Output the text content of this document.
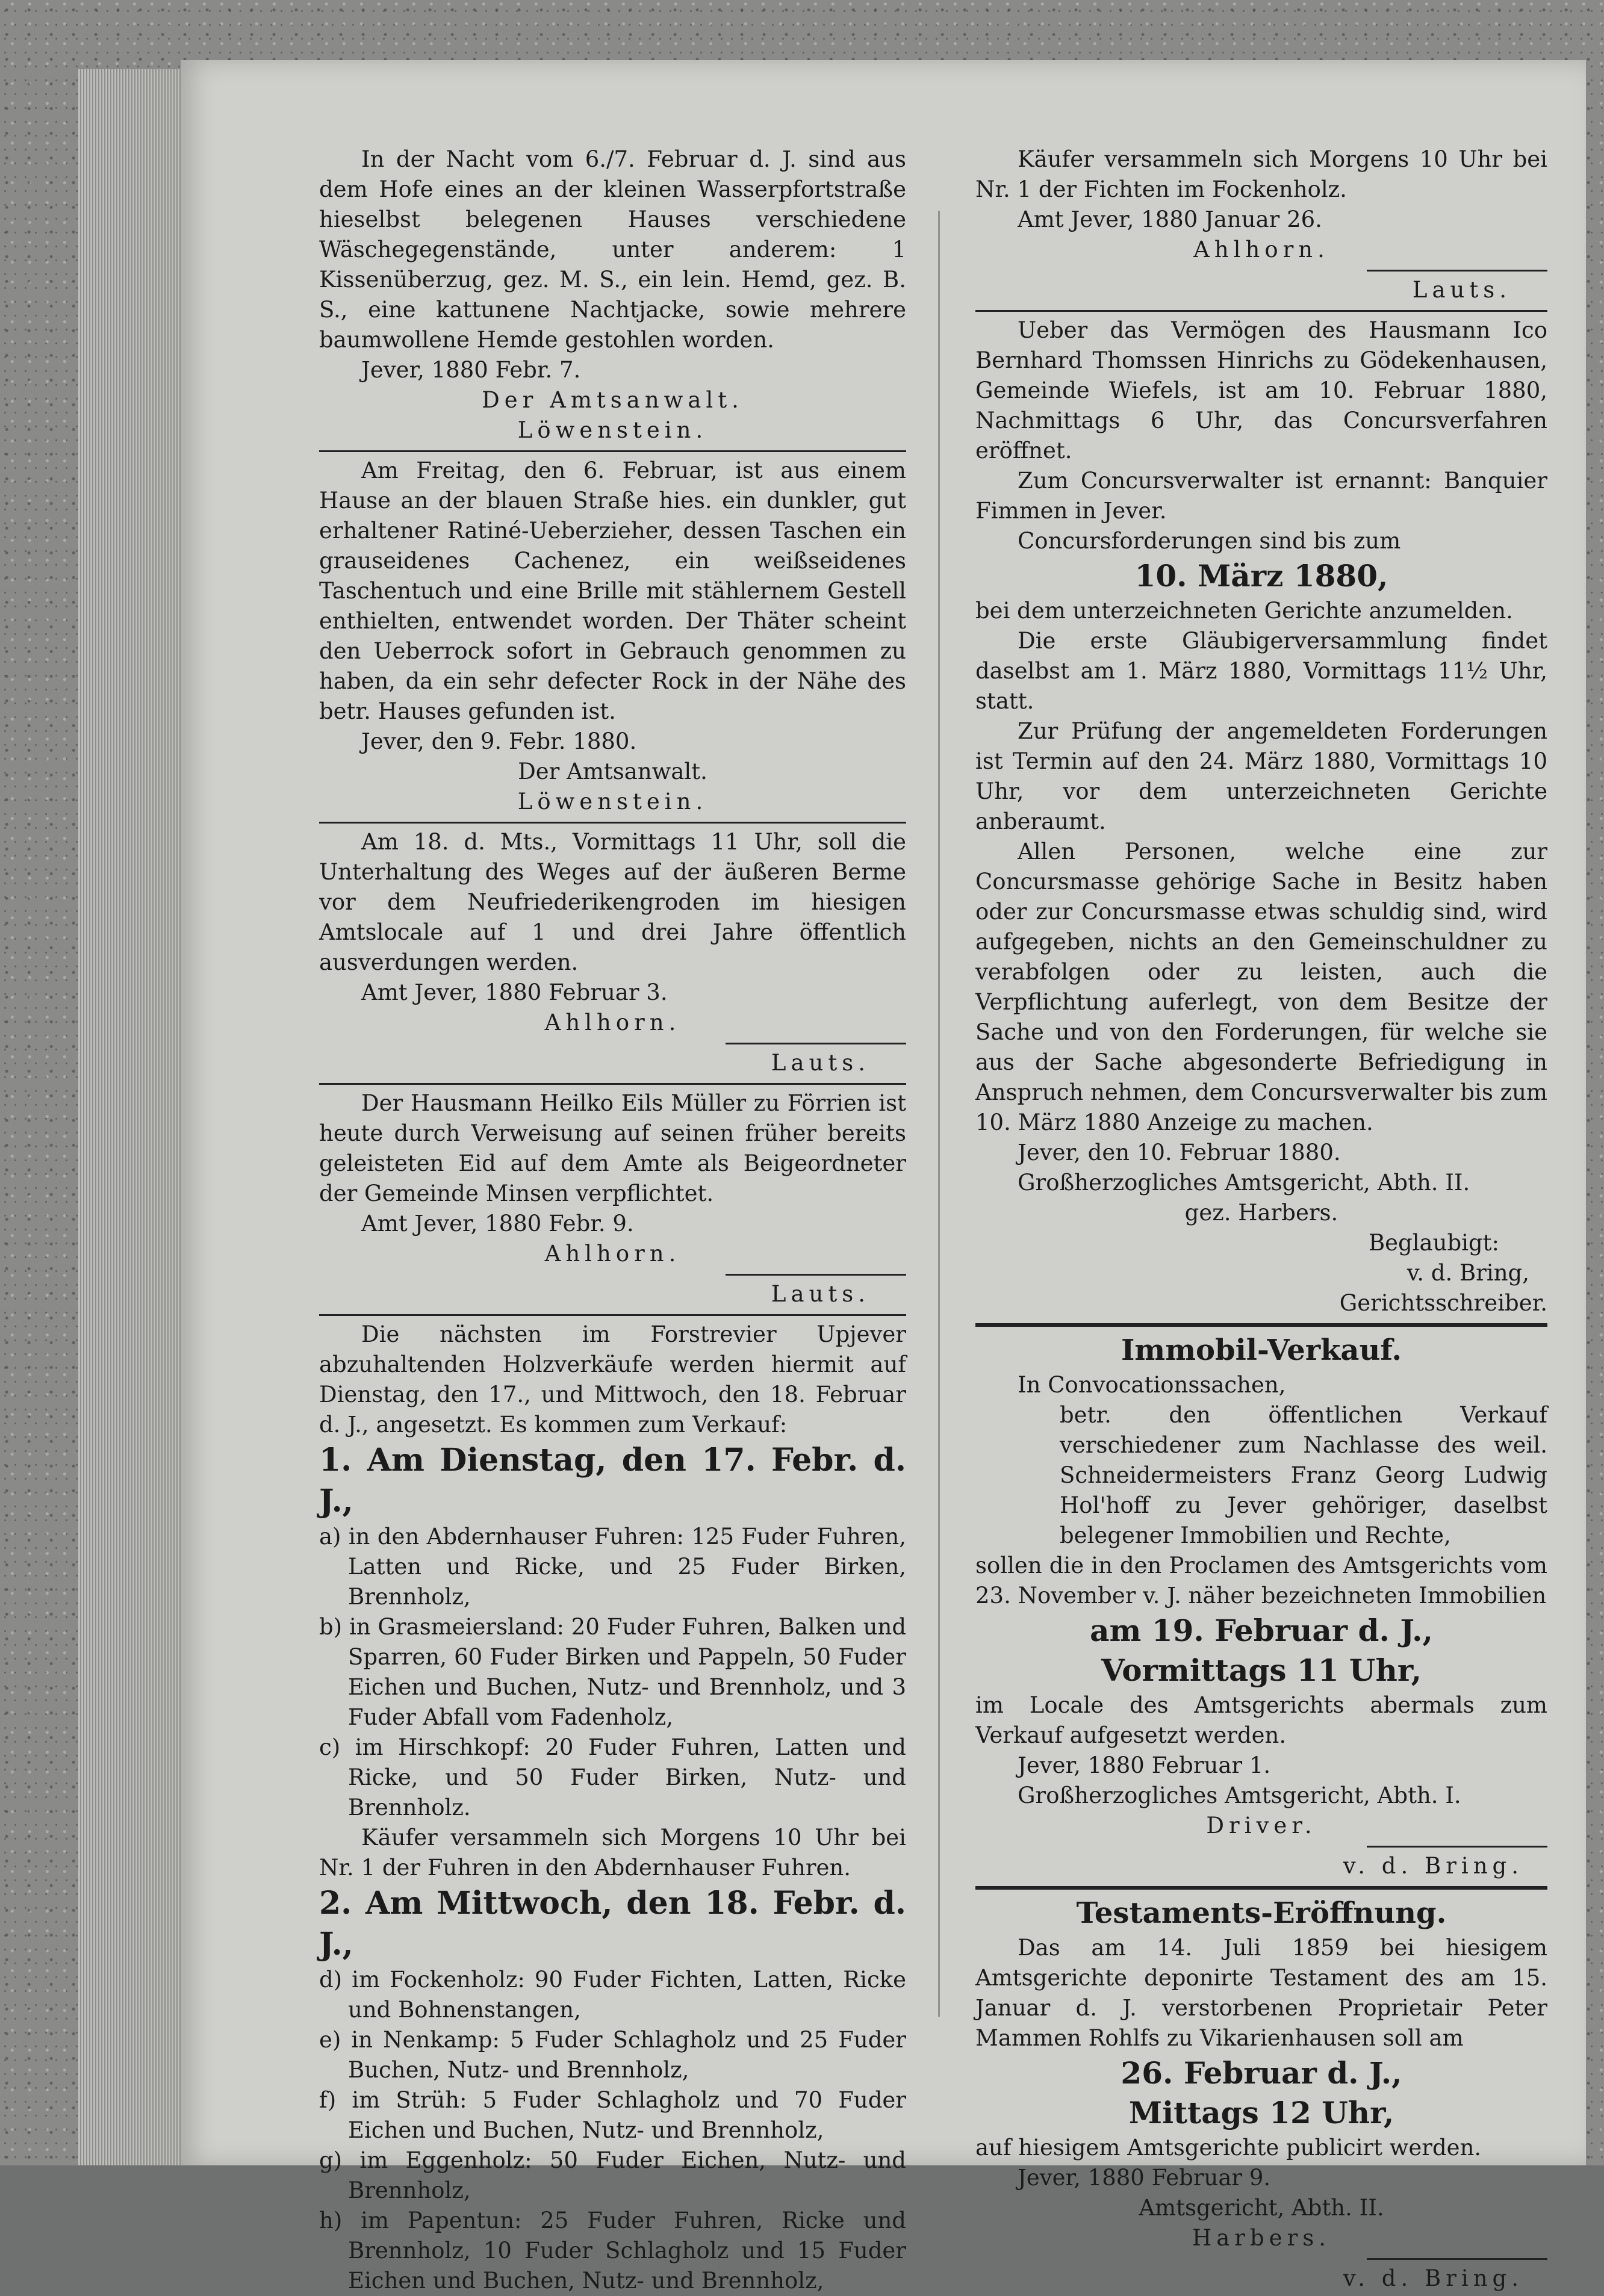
In der Nacht vom 6./7. Februar d. J. sind aus dem Hofe eines an der kleinen Wasserpfortstraße hieselbst belegenen Hauses verschiedene Wäschegegenstände, unter anderem: 1 Kissenüberzug, gez. M. S., ein lein. Hemd, gez. B. S., eine kattunene Nachtjacke, sowie mehrere baumwollene Hemde gestohlen worden.

Jever, 1880 Febr. 7.

Der Amtsanwalt.

Löwenstein.

Am Freitag, den 6. Februar, ist aus einem Hause an der blauen Straße hies. ein dunkler, gut erhaltener Ratiné-Ueberzieher, dessen Taschen ein grauseidenes Cachenez, ein weißseidenes Taschentuch und eine Brille mit stählernem Gestell enthielten, entwendet worden. Der Thäter scheint den Ueberrock sofort in Gebrauch genommen zu haben, da ein sehr defecter Rock in der Nähe des betr. Hauses gefunden ist.

Jever, den 9. Febr. 1880.

Der Amtsanwalt.

Löwenstein.

Am 18. d. Mts., Vormittags 11 Uhr, soll die Unterhaltung des Weges auf der äußeren Berme vor dem Neufriederikengroden im hiesigen Amtslocale auf 1 und drei Jahre öffentlich ausverdungen werden.

Amt Jever, 1880 Februar 3.

Ahlhorn.

Lauts.

Der Hausmann Heilko Eils Müller zu Förrien ist heute durch Verweisung auf seinen früher bereits geleisteten Eid auf dem Amte als Beigeordneter der Gemeinde Minsen verpflichtet.

Amt Jever, 1880 Febr. 9.

Ahlhorn.

Lauts.

Die nächsten im Forstrevier Upjever abzuhaltenden Holzverkäufe werden hiermit auf Dienstag, den 17., und Mittwoch, den 18. Februar d. J., angesetzt. Es kommen zum Verkauf:

1. Am Dienstag, den 17. Febr. d. J.,

a) in den Abdernhauser Fuhren: 125 Fuder Fuhren, Latten und Ricke, und 25 Fuder Birken, Brennholz,

b) in Grasmeiersland: 20 Fuder Fuhren, Balken und Sparren, 60 Fuder Birken und Pappeln, 50 Fuder Eichen und Buchen, Nutz- und Brennholz, und 3 Fuder Abfall vom Fadenholz,

c) im Hirschkopf: 20 Fuder Fuhren, Latten und Ricke, und 50 Fuder Birken, Nutz- und Brennholz.

Käufer versammeln sich Morgens 10 Uhr bei Nr. 1 der Fuhren in den Abdernhauser Fuhren.

2. Am Mittwoch, den 18. Febr. d. J.,

d) im Fockenholz: 90 Fuder Fichten, Latten, Ricke und Bohnenstangen,

e) in Nenkamp: 5 Fuder Schlagholz und 25 Fuder Buchen, Nutz- und Brennholz,

f) im Strüh: 5 Fuder Schlagholz und 70 Fuder Eichen und Buchen, Nutz- und Brennholz,

g) im Eggenholz: 50 Fuder Eichen, Nutz- und Brennholz,

h) im Papentun: 25 Fuder Fuhren, Ricke und Brennholz, 10 Fuder Schlagholz und 15 Fuder Eichen und Buchen, Nutz- und Brennholz,

Käufer versammeln sich Morgens 10 Uhr bei Nr. 1 der Fichten im Fockenholz.

Amt Jever, 1880 Januar 26.

Ahlhorn.

Lauts.

Ueber das Vermögen des Hausmann Ico Bernhard Thomssen Hinrichs zu Gödekenhausen, Gemeinde Wiefels, ist am 10. Februar 1880, Nachmittags 6 Uhr, das Concursverfahren eröffnet.

Zum Concursverwalter ist ernannt: Banquier Fimmen in Jever.

Concursforderungen sind bis zum

10. März 1880,

bei dem unterzeichneten Gerichte anzumelden.

Die erste Gläubigerversammlung findet daselbst am 1. März 1880, Vormittags 11½ Uhr, statt.

Zur Prüfung der angemeldeten Forderungen ist Termin auf den 24. März 1880, Vormittags 10 Uhr, vor dem unterzeichneten Gerichte anberaumt.

Allen Personen, welche eine zur Concursmasse gehörige Sache in Besitz haben oder zur Concursmasse etwas schuldig sind, wird aufgegeben, nichts an den Gemeinschuldner zu verabfolgen oder zu leisten, auch die Verpflichtung auferlegt, von dem Besitze der Sache und von den Forderungen, für welche sie aus der Sache abgesonderte Befriedigung in Anspruch nehmen, dem Concursverwalter bis zum 10. März 1880 Anzeige zu machen.

Jever, den 10. Februar 1880.

Großherzogliches Amtsgericht, Abth. II.

gez. Harbers.

Beglaubigt:

v. d. Bring,

Gerichtsschreiber.

Immobil-Verkauf.

In Convocationssachen,

betr. den öffentlichen Verkauf verschiedener zum Nachlasse des weil. Schneidermeisters Franz Georg Ludwig Hol'hoff zu Jever gehöriger, daselbst belegener Immobilien und Rechte,

sollen die in den Proclamen des Amtsgerichts vom 23. November v. J. näher bezeichneten Immobilien

am 19. Februar d. J.,

Vormittags 11 Uhr,

im Locale des Amtsgerichts abermals zum Verkauf aufgesetzt werden.

Jever, 1880 Februar 1.

Großherzogliches Amtsgericht, Abth. I.

Driver.

v. d. Bring.

Testaments-Eröffnung.

Das am 14. Juli 1859 bei hiesigem Amtsgerichte deponirte Testament des am 15. Januar d. J. verstorbenen Proprietair Peter Mammen Rohlfs zu Vikarienhausen soll am

26. Februar d. J.,

Mittags 12 Uhr,

auf hiesigem Amtsgerichte publicirt werden.

Jever, 1880 Februar 9.

Amtsgericht, Abth. II.

Harbers.

v. d. Bring.
